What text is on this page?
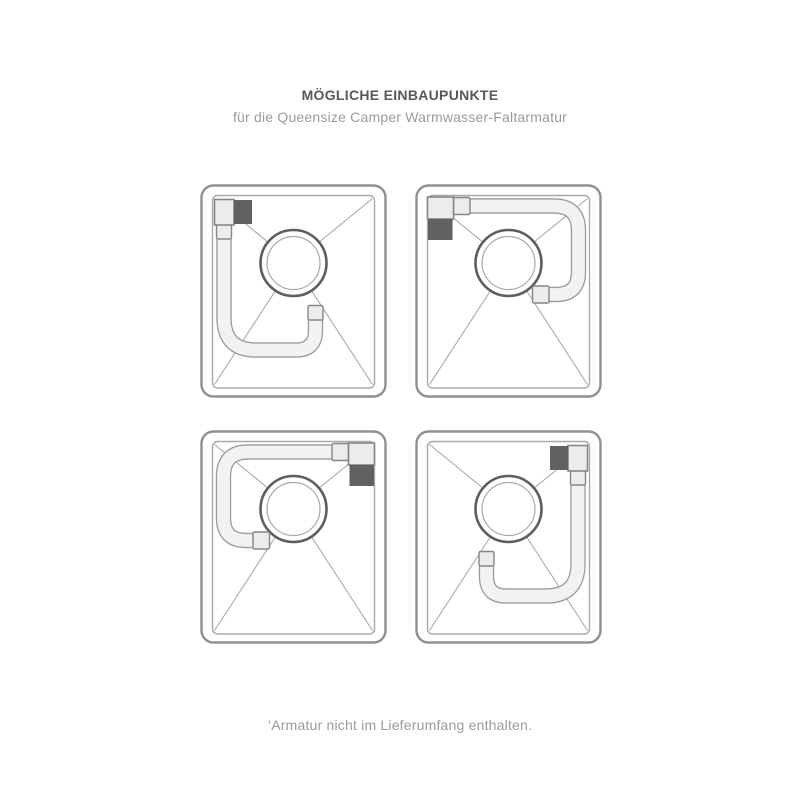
MÖGLICHE EINBAUPUNKTE

für die Queensize Camper Warmwasser-Faltarmatur

’Armatur nicht im Lieferumfang enthalten.
